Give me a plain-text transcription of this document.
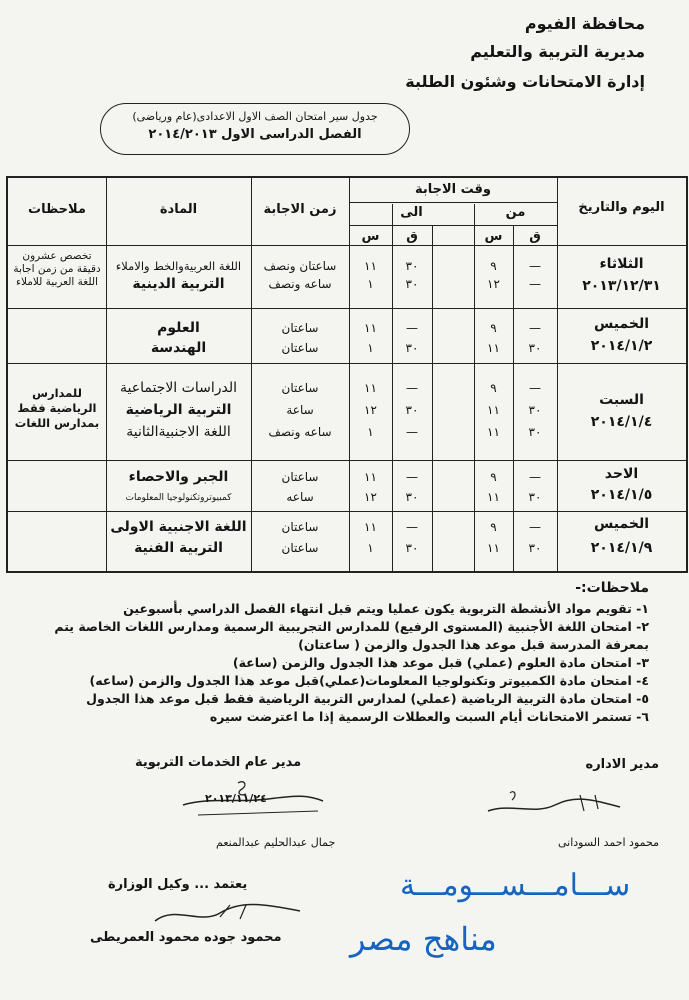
محافظة الفيوم
مديرية التربية والتعليم
إدارة الامتحانات وشئون الطلبة
جدول سير امتحان الصف الاول الاعدادى(عام ورياضى)
الفصل الدراسى الاول ٢٠١٤/٢٠١٣
اليوم والتاريخ
وقت الاجابة
من
الى
ق
س
ق
س
زمن الاجابة
المادة
ملاحظات
الثلاثاء
٢٠١٣/١٢/٣١
تخصص عشرون دقيقة من زمن اجابة اللغة العربية للاملاء
اللغة العربيةوالخط والاملاء
التربية الدينية
ساعتان ونصف
ساعه ونصف
—
٩
٣٠
١١
—
١٢
٣٠
١
الخميس
٢٠١٤/١/٢
العلوم
الهندسة
ساعتان
ساعتان
—
٩
—
١١
٣٠
١١
٣٠
١
السبت
٢٠١٤/١/٤
للمدارس الرياضية فقط بمدارس اللغات
الدراسات الاجتماعية
التربية الرياضية
اللغة الاجنبيةالثانية
ساعتان
ساعة
ساعه ونصف
—
٩
—
١١
٣٠
١١
٣٠
١٢
٣٠
١١
—
١
الاحد
٢٠١٤/١/٥
الجبر والاحصاء
كمبيوتروتكنولوجيا المعلومات
ساعتان
ساعه
—
٩
—
١١
٣٠
١١
٣٠
١٢
الخميس
٢٠١٤/١/٩
اللغة الاجنبية الاولى
التربية الفنية
ساعتان
ساعتان
—
٩
—
١١
٣٠
١١
٣٠
١
ملاحظات:-
١- تقويم مواد الأنشطة التربوية يكون عمليا ويتم قبل انتهاء الفصل الدراسي بأسبوعين
٢- امتحان اللغة الأجنبية (المستوى الرفيع) للمدارس التجريبية الرسمية ومدارس اللغات الخاصة يتم
بمعرفة المدرسة قبل موعد هذا الجدول والزمن ( ساعتان)
٣- امتحان مادة العلوم (عملي) قبل موعد هذا الجدول والزمن (ساعة)
٤- امتحان مادة الكمبيوتر وتكنولوجيا المعلومات(عملي)قبل موعد هذا الجدول والزمن (ساعه)
٥- امتحان مادة التربية الرياضية (عملي) لمدارس التربية الرياضية فقط قبل موعد هذا الجدول
٦- تستمر الامتحانات أيام السبت والعطلات الرسمية إذا ما اعترضت سيره
مدير عام الخدمات التربوية	مدير الاداره
٢٠١٣/١١/٢٤
جمال عبدالحليم عبدالمنعم	محمود احمد السودانى
يعتمد ... وكيل الوزارة
محمود جوده محمود العمريطى
ســـامـــســـومـــة
مناهج مصر
